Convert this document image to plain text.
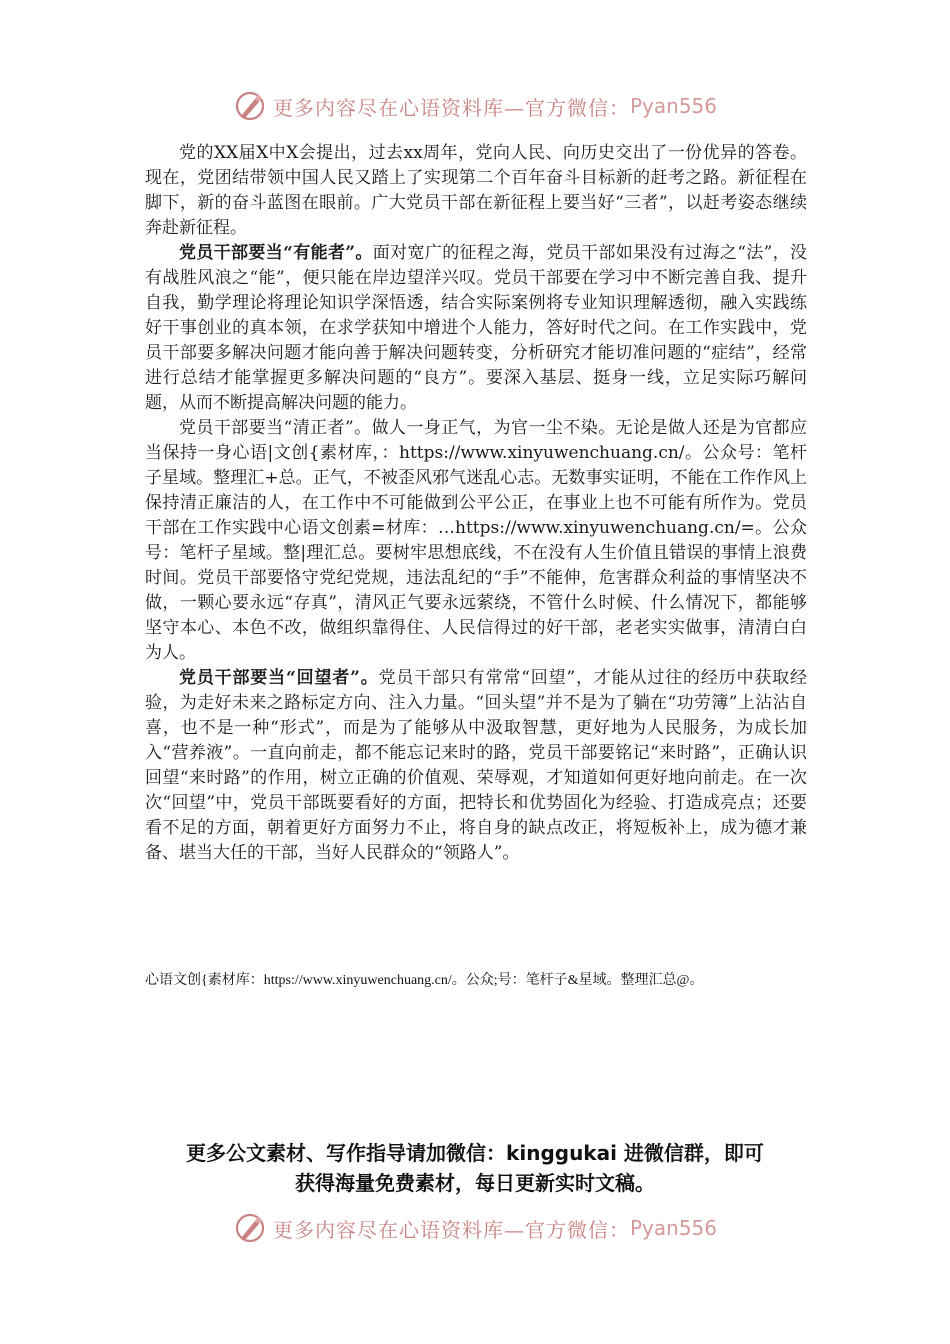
更多内容尽在心语资料库—官方微信： Pyan556

党的XX届X中X会提出，过去xx周年，党向人民、向历史交出了一份优异的答卷。现在，党团结带领中国人民又踏上了实现第二个百年奋斗目标新的赶考之路。新征程在脚下，新的奋斗蓝图在眼前。广大党员干部在新征程上要当好“三者”，以赶考姿态继续奔赴新征程。

党员干部要当“有能者”。面对宽广的征程之海，党员干部如果没有过海之“法”，没有战胜风浪之“能”，便只能在岸边望洋兴叹。党员干部要在学习中不断完善自我、提升自我，勤学理论将理论知识学深悟透，结合实际案例将专业知识理解透彻，融入实践练好干事创业的真本领，在求学获知中增进个人能力，答好时代之问。在工作实践中，党员干部要多解决问题才能向善于解决问题转变，分析研究才能切准问题的“症结”，经常进行总结才能掌握更多解决问题的“良方”。要深入基层、挺身一线，立足实际巧解问题，从而不断提高解决问题的能力。

党员干部要当“清正者”。做人一身正气，为官一尘不染。无论是做人还是为官都应当保持一身心语|文创{素材库，：https://www.xinyuwenchuang.cn/。公众号：笔杆子星域。整理汇+总。正气，不被歪风邪气迷乱心志。无数事实证明，不能在工作作风上保持清正廉洁的人，在工作中不可能做到公平公正，在事业上也不可能有所作为。党员干部在工作实践中心语文创素=材库：…https://www.xinyuwenchuang.cn/=。公众号：笔杆子星域。整|理汇总。要树牢思想底线，不在没有人生价值且错误的事情上浪费时间。党员干部要恪守党纪党规，违法乱纪的“手”不能伸，危害群众利益的事情坚决不做，一颗心要永远“存真”，清风正气要永远萦绕，不管什么时候、什么情况下，都能够坚守本心、本色不改，做组织靠得住、人民信得过的好干部，老老实实做事，清清白白为人。

党员干部要当“回望者”。党员干部只有常常“回望”，才能从过往的经历中获取经验，为走好未来之路标定方向、注入力量。“回头望”并不是为了躺在“功劳簿”上沾沾自喜，也不是一种“形式”，而是为了能够从中汲取智慧，更好地为人民服务，为成长加入“营养液”。一直向前走，都不能忘记来时的路，党员干部要铭记“来时路”，正确认识回望“来时路”的作用，树立正确的价值观、荣辱观，才知道如何更好地向前走。在一次次“回望”中，党员干部既要看好的方面，把特长和优势固化为经验、打造成亮点；还要看不足的方面，朝着更好方面努力不止，将自身的缺点改正，将短板补上，成为德才兼备、堪当大任的干部，当好人民群众的“领路人”。

心语文创{素材库：https://www.xinyuwenchuang.cn/。公众;号：笔杆子&星域。整理汇总@。
更多公文素材、写作指导请加微信：kinggukai 进微信群，即可
获得海量免费素材，每日更新实时文稿。
更多内容尽在心语资料库—官方微信： Pyan556
